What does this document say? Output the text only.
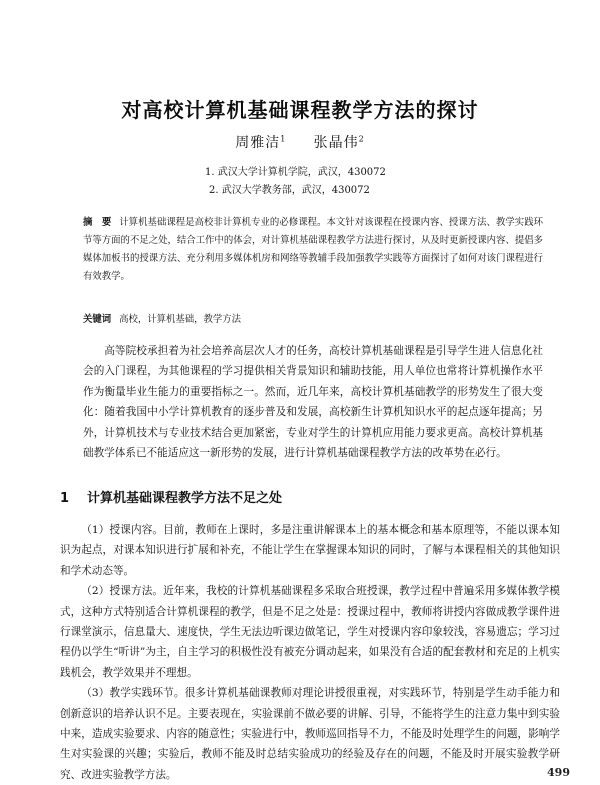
对高校计算机基础课程教学方法的探讨
周雅洁$^1$ 张晶伟$^2$
1. 武汉大学计算机学院，武汉，430072
2. 武汉大学教务部，武汉，430072
摘　要 计算机基础课程是高校非计算机专业的必修课程。本文针对该课程在授课内容、授课方法、教学实践环节等方面的不足之处，结合工作中的体会，对计算机基础课程教学方法进行探讨，从及时更新授课内容、提倡多媒体加板书的授课方法、充分利用多媒体机房和网络等教辅手段加强教学实践等方面探讨了如何对该门课程进行有效教学。
关键词 高校，计算机基础，教学方法
高等院校承担着为社会培养高层次人才的任务，高校计算机基础课程是引导学生进人信息化社会的入门课程，为其他课程的学习提供相关背景知识和辅助技能，用人单位也常将计算机操作水平作为衡量毕业生能力的重要指标之一。然而，近几年来，高校计算机基础教学的形势发生了很大变化：随着我国中小学计算机教育的逐步普及和发展，高校新生计算机知识水平的起点逐年提高；另外，计算机技术与专业技术结合更加紧密，专业对学生的计算机应用能力要求更高。高校计算机基础教学体系已不能适应这一新形势的发展，进行计算机基础课程教学方法的改革势在必行。
1 计算机基础课程教学方法不足之处

（1）授课内容。目前，教师在上课时，多是注重讲解课本上的基本概念和基本原理等，不能以课本知识为起点，对课本知识进行扩展和补充，不能让学生在掌握课本知识的同时，了解与本课程相关的其他知识和学术动态等。

（2）授课方法。近年来，我校的计算机基础课程多采取合班授课，教学过程中普遍采用多媒体教学模式，这种方式特别适合计算机课程的教学，但是不足之处是：授课过程中，教师将讲授内容做成教学课件进行课堂演示，信息量大、速度快，学生无法边听课边做笔记，学生对授课内容印象较浅，容易遗忘；学习过程仍以学生“听讲”为主，自主学习的积极性没有被充分调动起来，如果没有合适的配套教材和充足的上机实践机会，教学效果并不理想。

（3）教学实践环节。很多计算机基础课教师对理论讲授很重视，对实践环节，特别是学生动手能力和创新意识的培养认识不足。主要表现在，实验课前不做必要的讲解、引导，不能将学生的注意力集中到实验中来，造成实验要求、内容的随意性；实验进行中，教师巡回指导不力，不能及时处理学生的问题，影响学生对实验课的兴趣；实验后，教师不能及时总结实验成功的经验及存在的问题，不能及时开展实验教学研究、改进实验教学方法。	499
